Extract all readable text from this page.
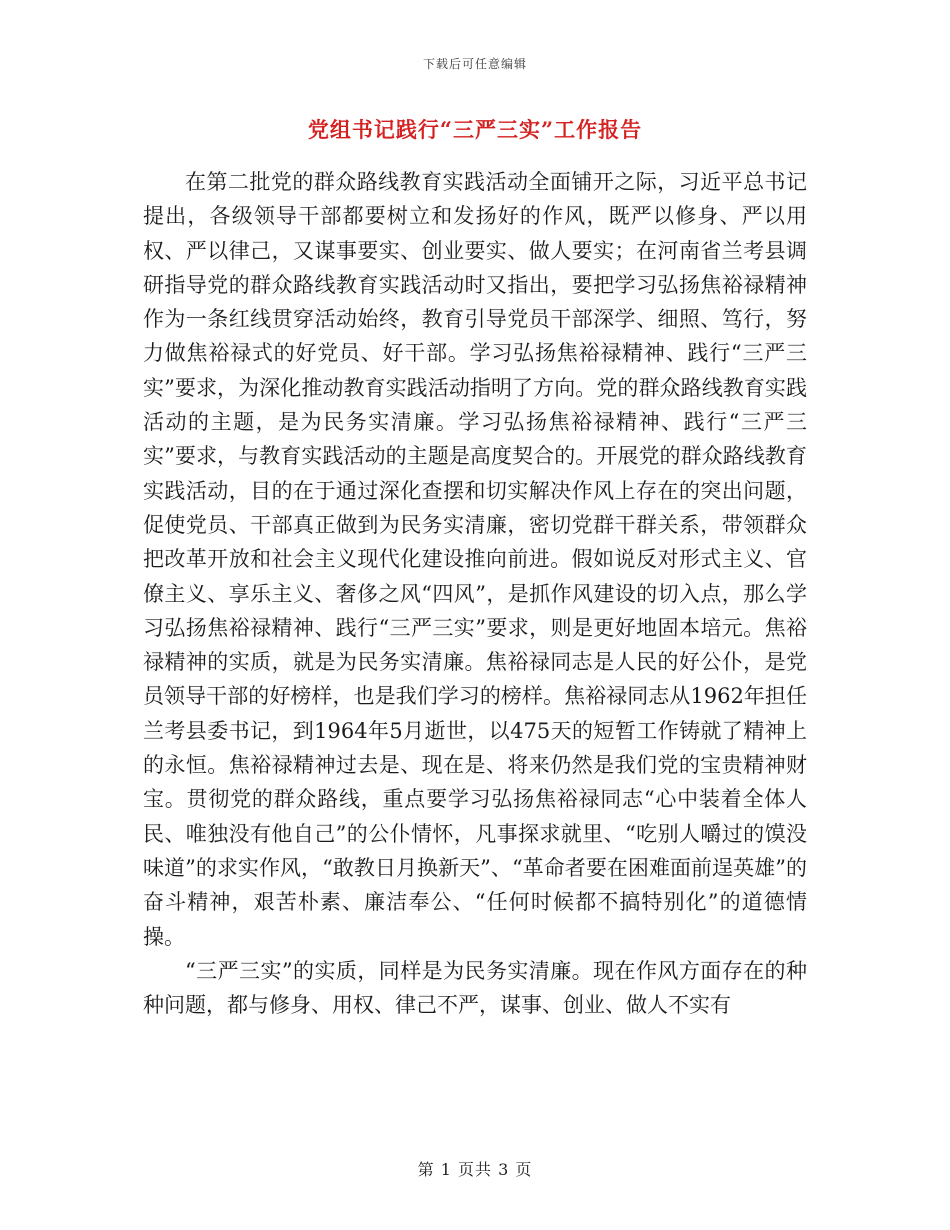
下载后可任意编辑
党组书记践行“三严三实”工作报告

在第二批党的群众路线教育实践活动全面铺开之际，习近平总书记提出，各级领导干部都要树立和发扬好的作风，既严以修身、严以用权、严以律己，又谋事要实、创业要实、做人要实；在河南省兰考县调研指导党的群众路线教育实践活动时又指出，要把学习弘扬焦裕禄精神作为一条红线贯穿活动始终，教育引导党员干部深学、细照、笃行，努力做焦裕禄式的好党员、好干部。学习弘扬焦裕禄精神、践行“三严三实”要求，为深化推动教育实践活动指明了方向。党的群众路线教育实践活动的主题，是为民务实清廉。学习弘扬焦裕禄精神、践行“三严三实”要求，与教育实践活动的主题是高度契合的。开展党的群众路线教育实践活动，目的在于通过深化查摆和切实解决作风上存在的突出问题，促使党员、干部真正做到为民务实清廉，密切党群干群关系，带领群众把改革开放和社会主义现代化建设推向前进。假如说反对形式主义、官僚主义、享乐主义、奢侈之风“四风”，是抓作风建设的切入点，那么学习弘扬焦裕禄精神、践行“三严三实”要求，则是更好地固本培元。焦裕禄精神的实质，就是为民务实清廉。焦裕禄同志是人民的好公仆，是党员领导干部的好榜样，也是我们学习的榜样。焦裕禄同志从1962年担任兰考县委书记，到1964年5月逝世，以475天的短暂工作铸就了精神上的永恒。焦裕禄精神过去是、现在是、将来仍然是我们党的宝贵精神财宝。贯彻党的群众路线，重点要学习弘扬焦裕禄同志“心中装着全体人民、唯独没有他自己”的公仆情怀，凡事探求就里、“吃别人嚼过的馍没味道”的求实作风，“敢教日月换新天”、“革命者要在困难面前逞英雄”的奋斗精神，艰苦朴素、廉洁奉公、“任何时候都不搞特别化”的道德情操。

“三严三实”的实质，同样是为民务实清廉。现在作风方面存在的种种问题，都与修身、用权、律己不严，谋事、创业、做人不实有

第 1 页共 3 页
